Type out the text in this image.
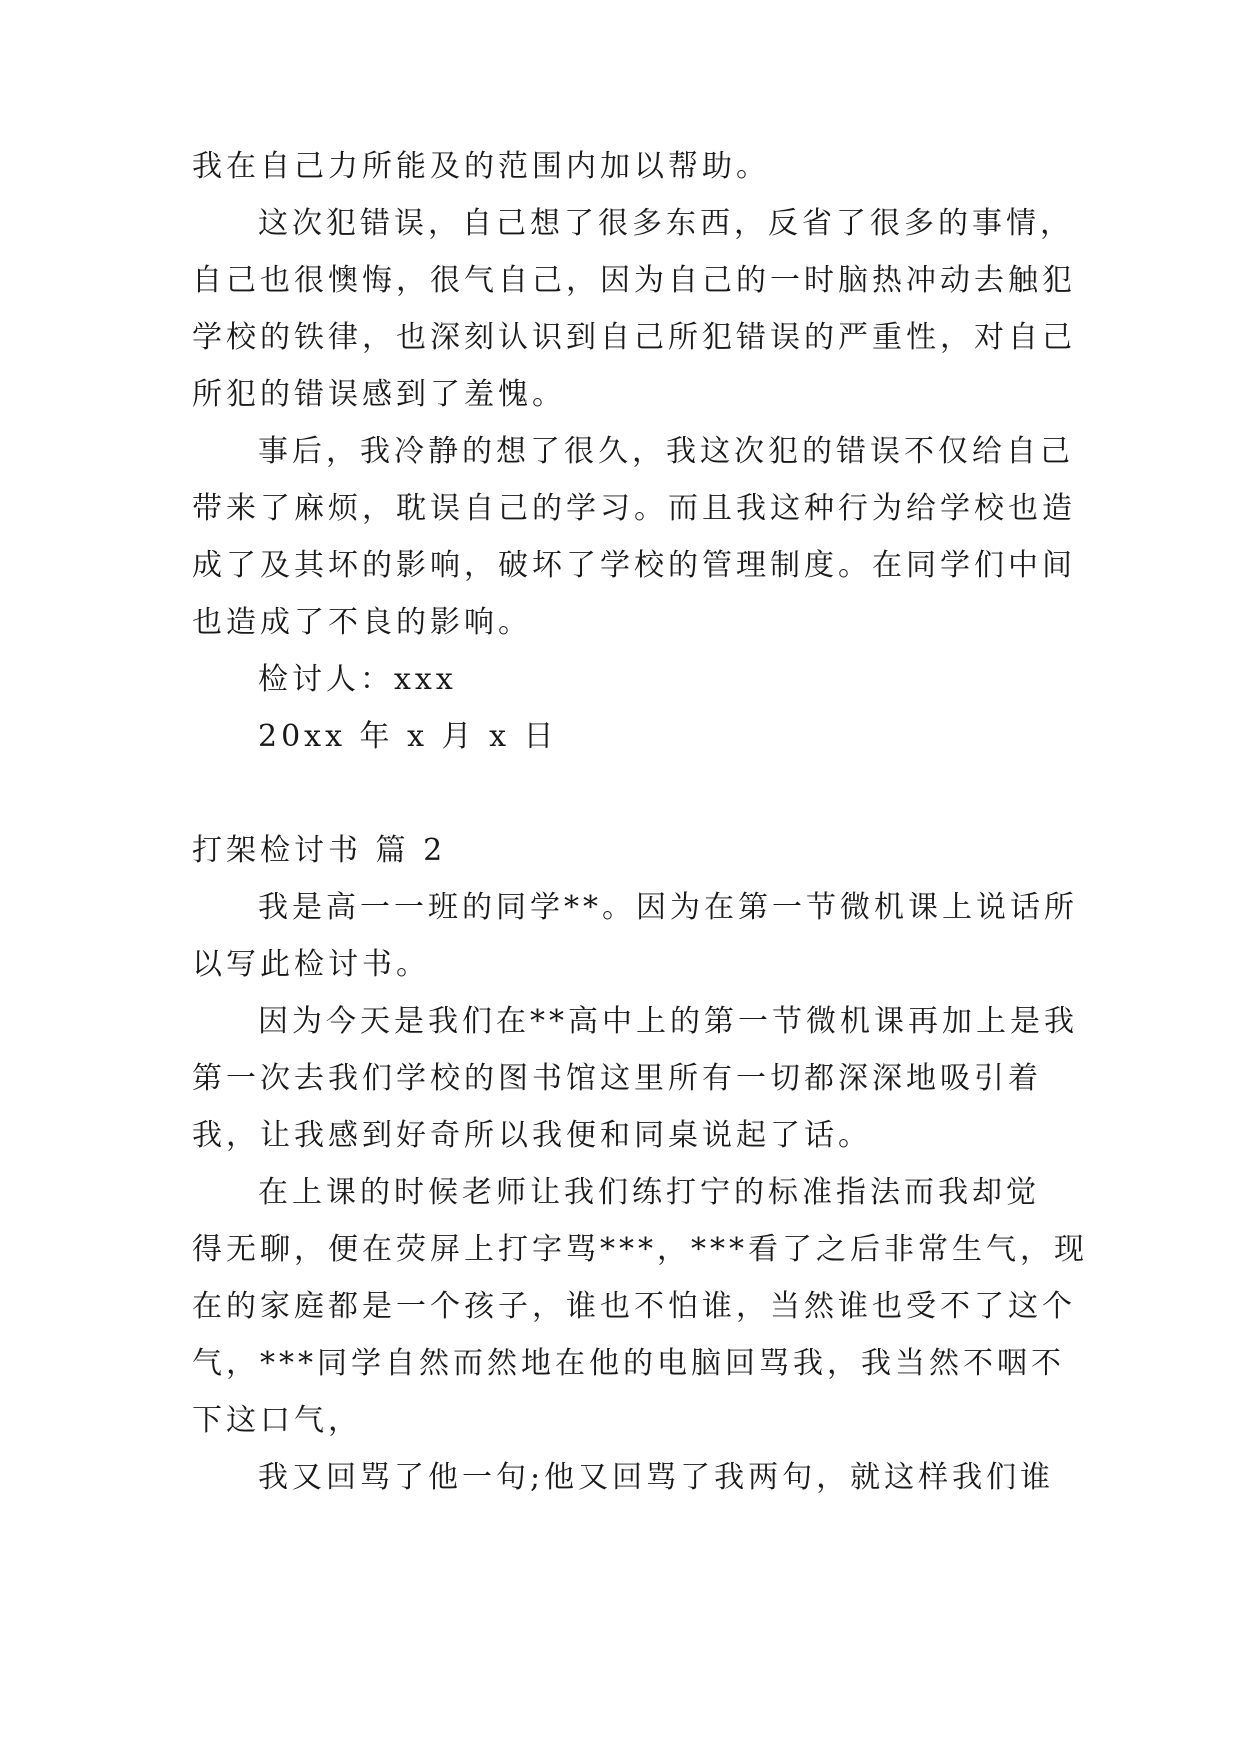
我在自己力所能及的范围内加以帮助。
这次犯错误，自己想了很多东西，反省了很多的事情，
自己也很懊悔，很气自己，因为自己的一时脑热冲动去触犯
学校的铁律，也深刻认识到自己所犯错误的严重性，对自己
所犯的错误感到了羞愧。
事后，我冷静的想了很久，我这次犯的错误不仅给自己
带来了麻烦，耽误自己的学习。而且我这种行为给学校也造
成了及其坏的影响，破坏了学校的管理制度。在同学们中间
也造成了不良的影响。
检讨人：xxx
20xx 年 x 月 x 日
打架检讨书 篇 2
我是高一一班的同学**。因为在第一节微机课上说话所
以写此检讨书。
因为今天是我们在**高中上的第一节微机课再加上是我
第一次去我们学校的图书馆这里所有一切都深深地吸引着
我，让我感到好奇所以我便和同桌说起了话。
在上课的时候老师让我们练打宁的标准指法而我却觉
得无聊，便在荧屏上打字骂***，***看了之后非常生气，现
在的家庭都是一个孩子，谁也不怕谁，当然谁也受不了这个
气，***同学自然而然地在他的电脑回骂我，我当然不咽不
下这口气，
我又回骂了他一句;他又回骂了我两句，就这样我们谁
